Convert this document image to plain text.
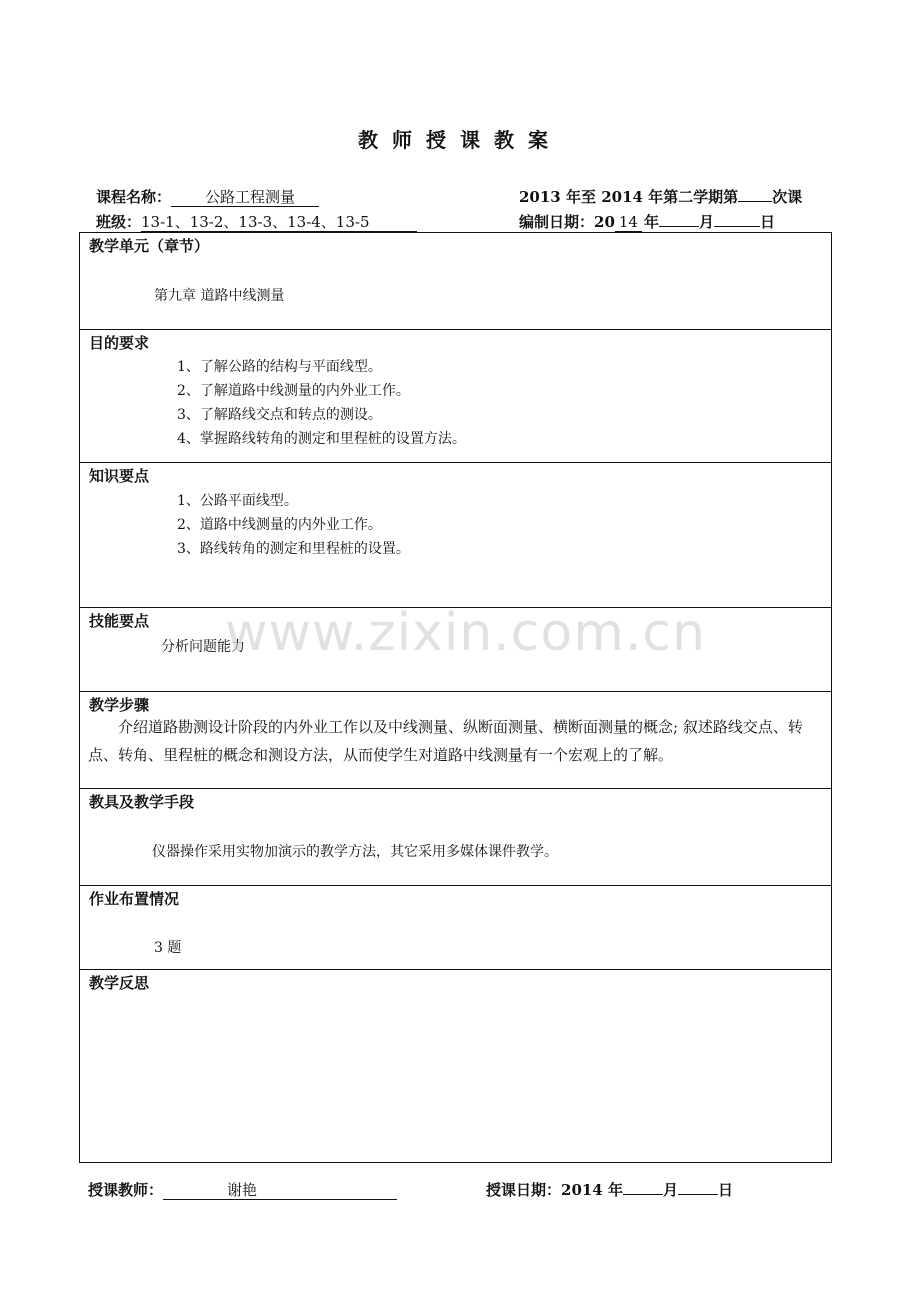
教师授课教案
课程名称： 公路工程测量	2013 年至 2014 年第二学期第 次课
班级：13-1、13-2、13-3、13-4、13-5	编制日期：20 14 年	月	日
教学单元（章节）
第九章 道路中线测量
目的要求
1、了解公路的结构与平面线型。
2、了解道路中线测量的内外业工作。
3、了解路线交点和转点的测设。
4、掌握路线转角的测定和里程桩的设置方法。
知识要点
1、公路平面线型。
2、道路中线测量的内外业工作。
3、路线转角的测定和里程桩的设置。
技能要点
分析问题能力
教学步骤
介绍道路勘测设计阶段的内外业工作以及中线测量、纵断面测量、横断面测量的概念; 叙述路线交点、转点、转角、里程桩的概念和测设方法，从而使学生对道路中线测量有一个宏观上的了解。
教具及教学手段
仪器操作采用实物加演示的教学方法，其它采用多媒体课件教学。
作业布置情况
3 题
教学反思
授课教师：	谢艳	授课日期：2014 年	月	日
www.zixin.com.cn
